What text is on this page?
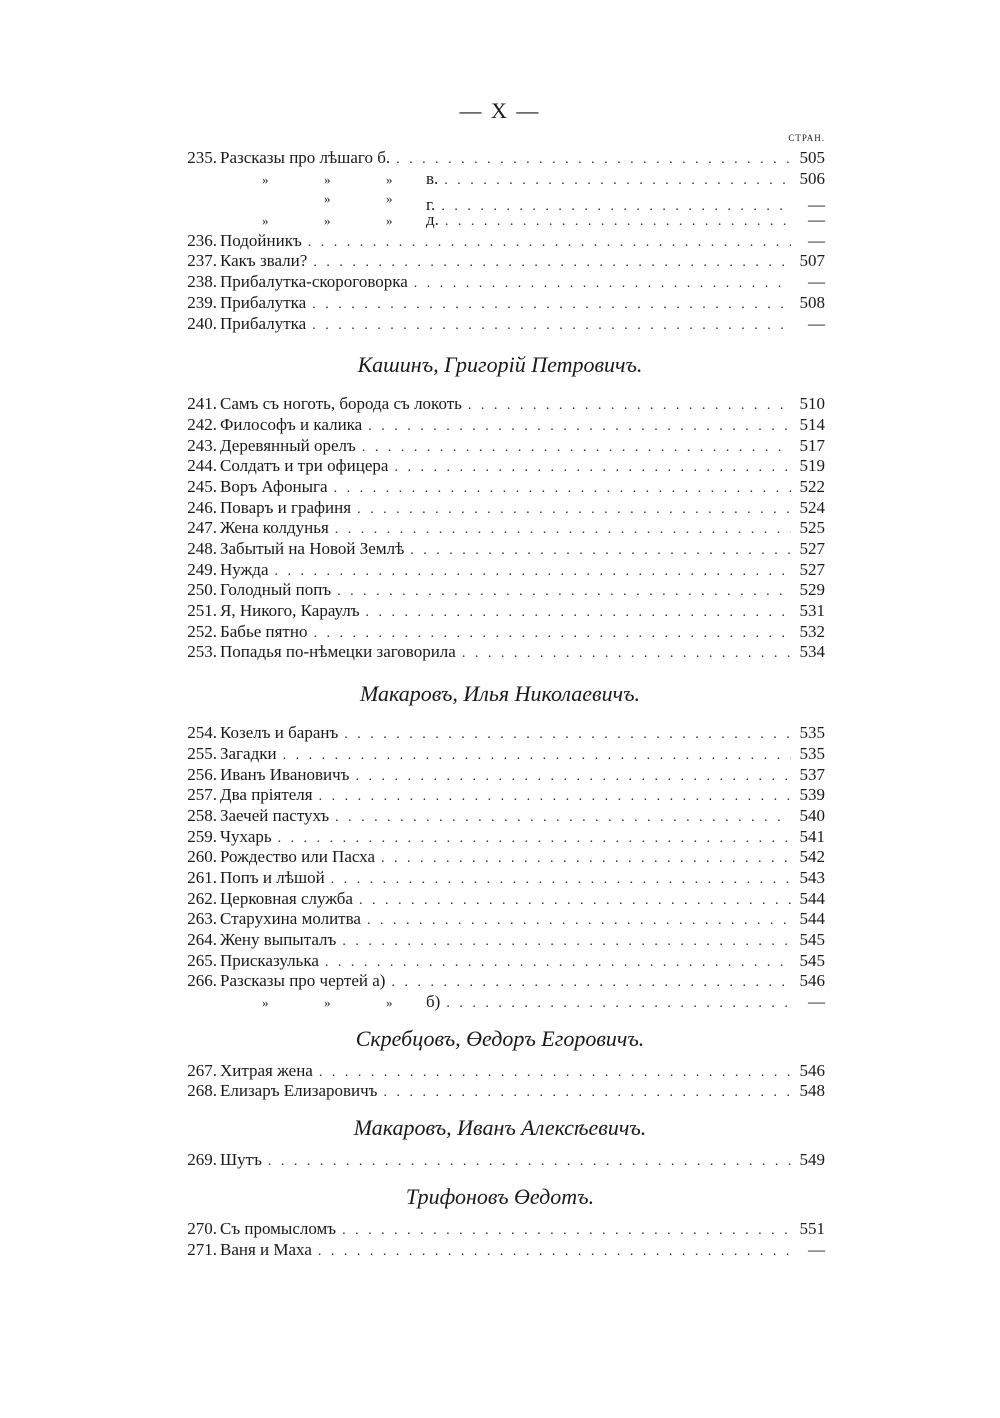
— X —
СТРАН.
235. Разсказы про лѣшаго б. . . .	505
»	»	»	в. . . .	506
»	»	г. . . .	—
»	»	»	д. . . .	—
236. Подойникъ . . .	—
237. Какъ звали? . . .	507
238. Прибалутка-скороговорка . . .	—
239. Прибалутка . . .	508
240. Прибалутка . . .	—
Кашинъ, Григорій Петровичъ.
241. Самъ съ ноготь, борода съ локоть . . .	510
242. Философъ и калика . . .	514
243. Деревянный орелъ . . .	517
244. Солдатъ и три офицера . . .	519
245. Воръ Афоныга . . .	522
246. Поваръ и графиня . . .	524
247. Жена колдунья . . .	525
248. Забытый на Новой Землѣ . . .	527
249. Нужда . . .	527
250. Голодный попъ . . .	529
251. Я, Никого, Караулъ . . .	531
252. Бабье пятно . . .	532
253. Попадья по-нѣмецки заговорила . . .	534
Макаровъ, Илья Николаевичъ.
254. Козелъ и баранъ . . .	535
255. Загадки . . .	535
256. Иванъ Ивановичъ . . .	537
257. Два пріятеля . . .	539
258. Заечей пастухъ . . .	540
259. Чухарь . . .	541
260. Рождество или Пасха . . .	542
261. Попъ и лѣшой . . .	543
262. Церковная служба . . .	544
263. Старухина молитва . . .	544
264. Жену выпыталъ . . .	545
265. Присказулька . . .	545
266. Разсказы про чертей а) . . .	546
»	»	»	б) . . .	—
Скребцовъ, Өедоръ Егоровичъ.
267. Хитрая жена . . .	546
268. Елизаръ Елизаровичъ . . .	548
Макаровъ, Иванъ Алексѣевичъ.
269. Шутъ . . .	549
Трифоновъ Өедотъ.
270. Съ промысломъ . . .	551
271. Ваня и Маха . . .	—
